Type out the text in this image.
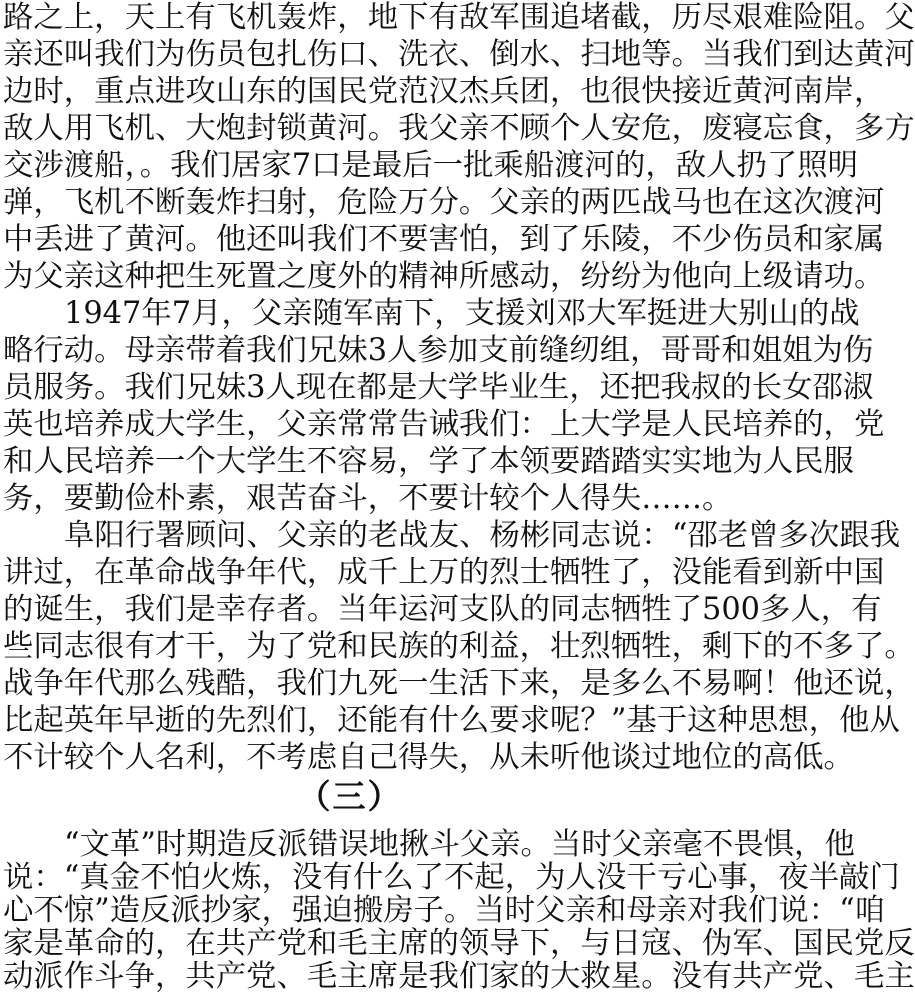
路之上，天上有飞机轰炸，地下有敌军围追堵截，历尽艰难险阻。父
亲还叫我们为伤员包扎伤口、洗衣、倒水、扫地等。当我们到达黄河
边时，重点进攻山东的国民党范汉杰兵团，也很快接近黄河南岸，
敌人用飞机、大炮封锁黄河。我父亲不顾个人安危，废寝忘食，多方
交涉渡船，。我们居家7口是最后一批乘船渡河的，敌人扔了照明
弹，飞机不断轰炸扫射，危险万分。父亲的两匹战马也在这次渡河
中丢进了黄河。他还叫我们不要害怕，到了乐陵，不少伤员和家属
为父亲这种把生死置之度外的精神所感动，纷纷为他向上级请功。
1947年7月，父亲随军南下，支援刘邓大军挺进大别山的战
略行动。母亲带着我们兄妹3人参加支前缝纫组，哥哥和姐姐为伤
员服务。我们兄妹3人现在都是大学毕业生，还把我叔的长女邵淑
英也培养成大学生，父亲常常告诫我们：上大学是人民培养的，党
和人民培养一个大学生不容易，学了本领要踏踏实实地为人民服
务，要勤俭朴素，艰苦奋斗，不要计较个人得失……。
阜阳行署顾问、父亲的老战友、杨彬同志说：“邵老曾多次跟我
讲过，在革命战争年代，成千上万的烈士牺牲了，没能看到新中国
的诞生，我们是幸存者。当年运河支队的同志牺牲了500多人，有
些同志很有才干，为了党和民族的利益，壮烈牺牲，剩下的不多了。
战争年代那么残酷，我们九死一生活下来，是多么不易啊！他还说，
比起英年早逝的先烈们，还能有什么要求呢？”基于这种思想，他从
不计较个人名利，不考虑自己得失，从未听他谈过地位的高低。
（三）
“文革”时期造反派错误地揪斗父亲。当时父亲毫不畏惧，他
说：“真金不怕火炼，没有什么了不起，为人没干亏心事，夜半敲门
心不惊”造反派抄家，强迫搬房子。当时父亲和母亲对我们说：“咱
家是革命的，在共产党和毛主席的领导下，与日寇、伪军、国民党反
动派作斗争，共产党、毛主席是我们家的大救星。没有共产党、毛主
